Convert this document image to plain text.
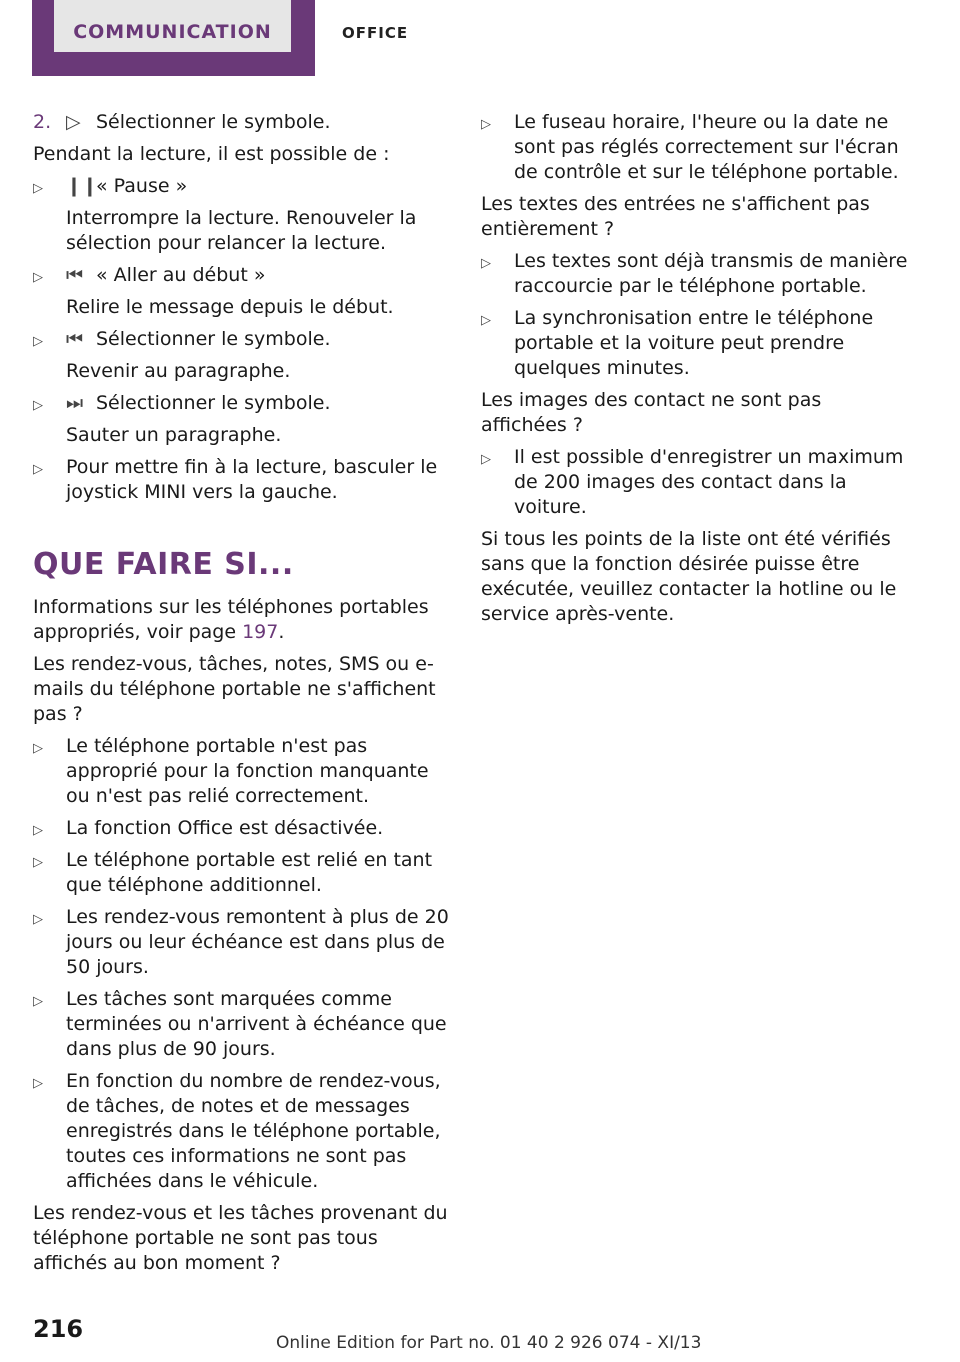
COMMUNICATION	OFFICE
2. ▷ Sélectionner le symbole.

Pendant la lecture, il est possible de :

▷ ❙❙« Pause »
Interrompre la lecture. Renouveler la sélection pour relancer la lecture.
▷ ⏮ « Aller au début »
Relire le message depuis le début.
▷ ⏮ Sélectionner le symbole.
Revenir au paragraphe.
▷ ⏭ Sélectionner le symbole.
Sauter un paragraphe.
▷ Pour mettre fin à la lecture, basculer le joystick MINI vers la gauche.
QUE FAIRE SI...

Informations sur les téléphones portables appropriés, voir page 197.

Les rendez-vous, tâches, notes, SMS ou e-mails du téléphone portable ne s'affichent pas ?

▷ Le téléphone portable n'est pas approprié pour la fonction manquante ou n'est pas relié correctement.
▷ La fonction Office est désactivée.
▷ Le téléphone portable est relié en tant que téléphone additionnel.
▷ Les rendez-vous remontent à plus de 20 jours ou leur échéance est dans plus de 50 jours.
▷ Les tâches sont marquées comme terminées ou n'arrivent à échéance que dans plus de 90 jours.
▷ En fonction du nombre de rendez-vous, de tâches, de notes et de messages enregistrés dans le téléphone portable, toutes ces informations ne sont pas affichées dans le véhicule.

Les rendez-vous et les tâches provenant du téléphone portable ne sont pas tous affichés au bon moment ?

▷ Le fuseau horaire, l'heure ou la date ne sont pas réglés correctement sur l'écran de contrôle et sur le téléphone portable.

Les textes des entrées ne s'affichent pas entièrement ?

▷ Les textes sont déjà transmis de manière raccourcie par le téléphone portable.
▷ La synchronisation entre le téléphone portable et la voiture peut prendre quelques minutes.

Les images des contact ne sont pas affichées ?

▷ Il est possible d'enregistrer un maximum de 200 images des contact dans la voiture.

Si tous les points de la liste ont été vérifiés sans que la fonction désirée puisse être exécutée, veuillez contacter la hotline ou le service après-vente.

216	Online Edition for Part no. 01 40 2 926 074 - XI/13
